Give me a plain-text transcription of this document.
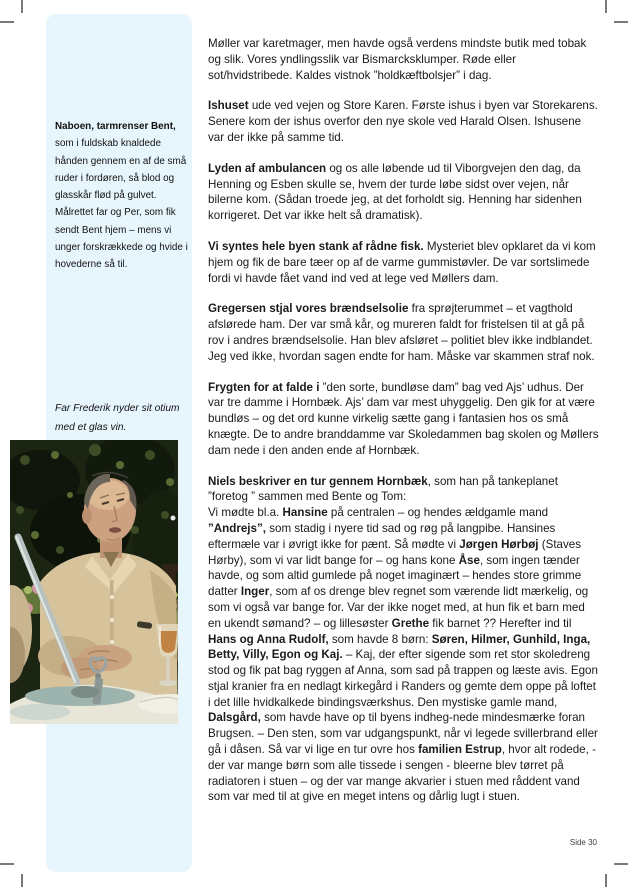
Naboen, tarmrenser Bent, som i fuldskab knaldede hånden gennem en af de små ruder i fordøren, så blod og glasskår flød på gulvet. Målrettet far og Per, som fik sendt Bent hjem – mens vi unger forskrækkede og hvide i hovederne så til.
Far Frederik nyder sit otium med et glas vin.

Møller var karetmager, men havde også verdens mindste butik med tobak og slik. Vores yndlingsslik var Bismarcksklumper. Røde eller sot/hvidstribede. Kaldes vistnok ”holdkæftbolsjer” i dag.

Ishuset ude ved vejen og Store Karen. Første ishus i byen var Storekarens. Senere kom der ishus overfor den nye skole ved Harald Olsen. Ishusene var der ikke på samme tid.

Lyden af ambulancen og os alle løbende ud til Viborgvejen den dag, da Henning og Esben skulle se, hvem der turde løbe sidst over vejen, når bilerne kom. (Sådan troede jeg, at det forholdt sig. Henning har sidenhen korrigeret. Det var ikke helt så dramatisk).

Vi syntes hele byen stank af rådne fisk. Mysteriet blev opklaret da vi kom hjem og fik de bare tæer op af de varme gummistøvler. De var sortslimede fordi vi havde fået vand ind ved at lege ved Møllers dam.

Gregersen stjal vores brændselsolie fra sprøjterummet – et vagthold afslørede ham. Der var små kår, og mureren faldt for fristelsen til at gå på rov i andres brændselsolie. Han blev afsløret – politiet blev ikke indblandet. Jeg ved ikke, hvordan sagen endte for ham. Måske var skammen straf nok.

Frygten for at falde i ”den sorte, bundløse dam” bag ved Ajs’ udhus. Der var tre damme i Hornbæk. Ajs’ dam var mest uhyggelig. Den gik for at være bundløs – og det ord kunne virkelig sætte gang i fantasien hos os små knægte. De to andre branddamme var Skoledammen bag skolen og Møllers dam nede i den anden ende af Hornbæk.

Niels beskriver en tur gennem Hornbæk, som han på tankeplanet ”foretog ” sammen med Bente og Tom:
Vi mødte bl.a. Hansine på centralen – og hendes ældgamle mand ”Andrejs”, som stadig i nyere tid sad og røg på langpibe. Hansines eftermæle var i øvrigt ikke for pænt. Så mødte vi Jørgen Hørbøj (Staves Hørby), som vi var lidt bange for – og hans kone Åse, som ingen tænder havde, og som altid gumlede på noget imaginært – hendes store grimme datter Inger, som af os drenge blev regnet som værende lidt mærkelig, og som vi også var bange for. Var der ikke noget med, at hun fik et barn med en ukendt sømand? – og lillesøster Grethe fik barnet ?? Herefter ind til Hans og Anna Rudolf, som havde 8 børn: Søren, Hilmer, Gunhild, Inga, Betty, Villy, Egon og Kaj. – Kaj, der efter sigende som ret stor skoledreng stod og fik pat bag ryggen af Anna, som sad på trappen og læste avis. Egon stjal kranier fra en nedlagt kirkegård i Randers og gemte dem oppe på loftet i det lille hvidkalkede bindingsværkshus. Den mystiske gamle mand, Dalsgård, som havde have op til byens indheg-nede mindesmærke foran Brugsen. – Den sten, som var udgangspunkt, når vi legede svillerbrand eller gå i dåsen. Så var vi lige en tur ovre hos familien Estrup, hvor alt rodede, - der var mange børn som alle tissede i sengen - bleerne blev tørret på radiatoren i stuen – og der var mange akvarier i stuen med råddent vand som var med til at give en meget intens og dårlig lugt i stuen.

Side 30
